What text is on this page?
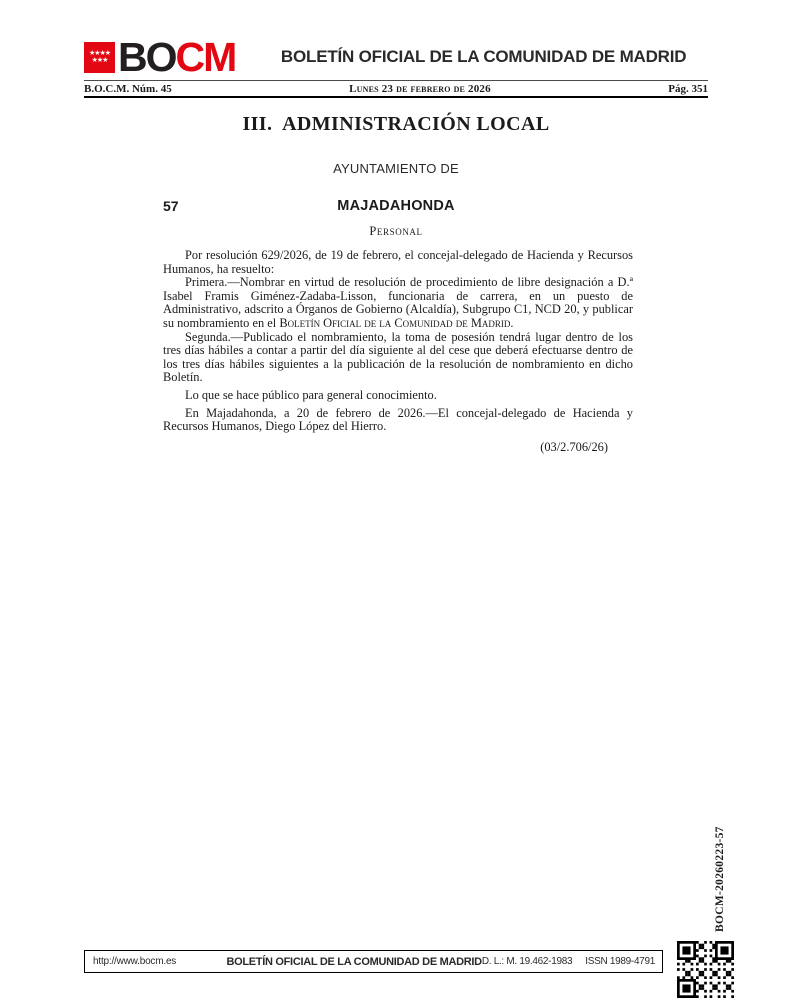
★★★★
★★★ BOCM	BOLETÍN OFICIAL DE LA COMUNIDAD DE MADRID
B.O.C.M. Núm. 45	Lunes 23 de febrero de 2026	Pág. 351
III.  ADMINISTRACIÓN LOCAL
AYUNTAMIENTO DE
57	MAJADAHONDA
Personal

Por resolución 629/2026, de 19 de febrero, el concejal-delegado de Hacienda y Recursos Humanos, ha resuelto:

Primera.—Nombrar en virtud de resolución de procedimiento de libre designación a D.ª Isabel Framis Giménez-Zadaba-Lisson, funcionaria de carrera, en un puesto de Administrativo, adscrito a Órganos de Gobierno (Alcaldía), Subgrupo C1, NCD 20, y publicar su nombramiento en el Boletín Oficial de la Comunidad de Madrid.

Segunda.—Publicado el nombramiento, la toma de posesión tendrá lugar dentro de los tres días hábiles a contar a partir del día siguiente al del cese que deberá efectuarse dentro de los tres días hábiles siguientes a la publicación de la resolución de nombramiento en dicho Boletín.

Lo que se hace público para general conocimiento.

En Majadahonda, a 20 de febrero de 2026.—El concejal-delegado de Hacienda y Recursos Humanos, Diego López del Hierro.

(03/2.706/26)

BOCM-20260223-57
http://www.bocm.es	BOLETÍN OFICIAL DE LA COMUNIDAD DE MADRID D. L.: M. 19.462-1983 ISSN 1989-4791
